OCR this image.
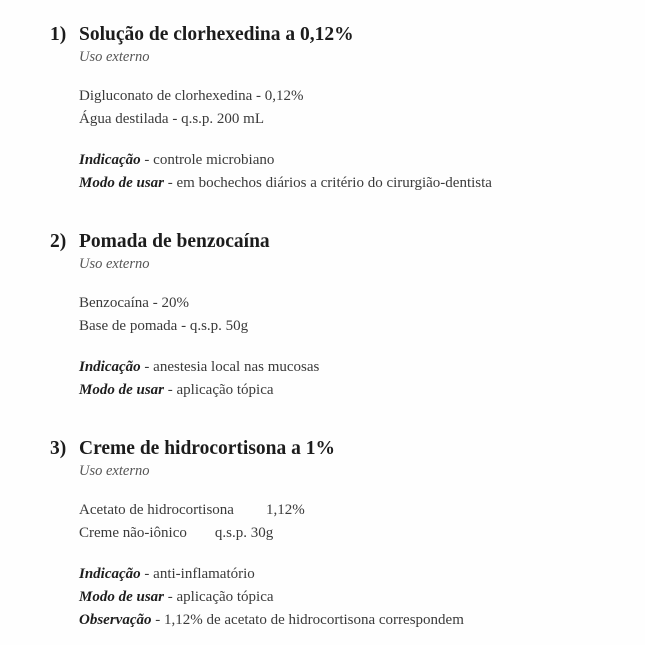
1) Solução de clorhexedina a 0,12%
Uso externo
Digluconato de clorhexedina - 0,12%
Água destilada - q.s.p. 200 mL
Indicação - controle microbiano
Modo de usar - em bochechos diários a critério do cirurgião-dentista
2) Pomada de benzocaína
Uso externo
Benzocaína - 20%
Base de pomada - q.s.p. 50g
Indicação - anestesia local nas mucosas
Modo de usar - aplicação tópica
3) Creme de hidrocortisona a 1%
Uso externo
Acetato de hidrocortisona 1,12%
Creme não-iônico q.s.p. 30g
Indicação - anti-inflamatório
Modo de usar - aplicação tópica
Observação - 1,12% de acetato de hidrocortisona correspondem
